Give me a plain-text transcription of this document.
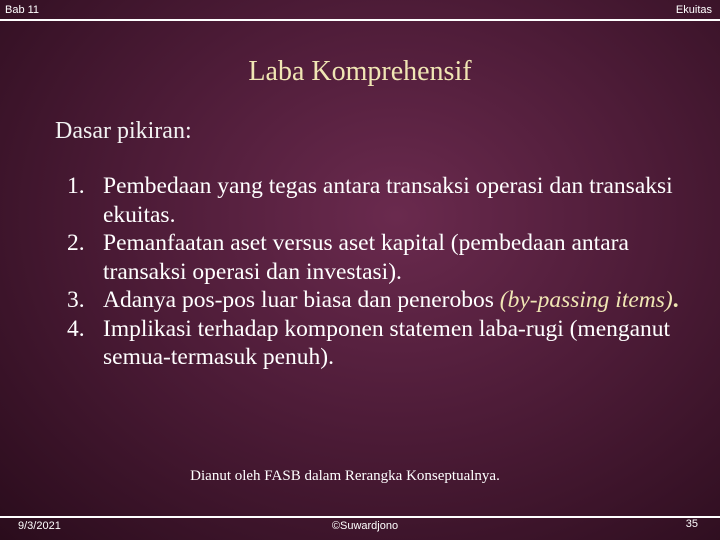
Bab 11	Ekuitas
Laba Komprehensif
Dasar pikiran:
1. Pembedaan yang tegas antara transaksi operasi dan transaksi ekuitas.
2. Pemanfaatan aset versus aset kapital (pembedaan antara transaksi operasi dan investasi).
3. Adanya pos-pos luar biasa dan penerobos (by-passing items).
4. Implikasi terhadap komponen statemen laba-rugi (menganut semua-termasuk penuh).
Dianut oleh FASB dalam Rerangka Konseptualnya.
9/3/2021	©Suwardjono	35
